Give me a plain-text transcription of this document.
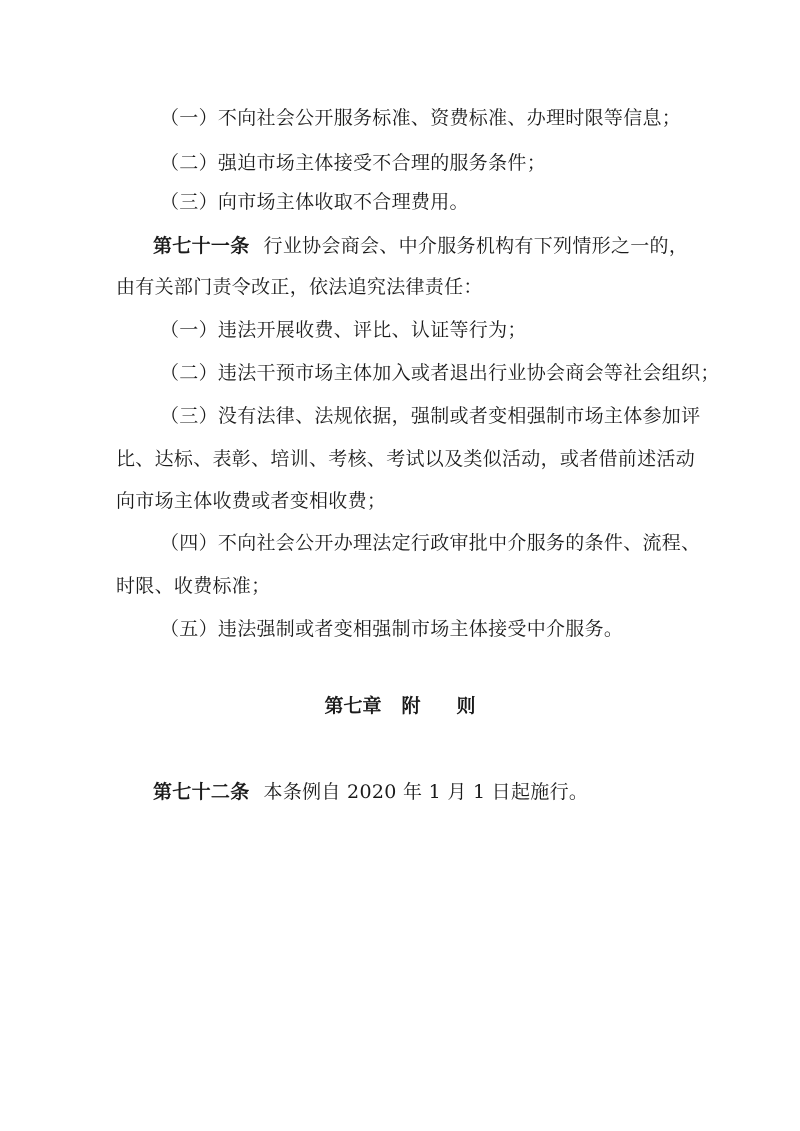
（一）不向社会公开服务标准、资费标准、办理时限等信息；
（二）强迫市场主体接受不合理的服务条件；
（三）向市场主体收取不合理费用。
第七十一条 行业协会商会、中介服务机构有下列情形之一的，
由有关部门责令改正，依法追究法律责任：
（一）违法开展收费、评比、认证等行为；
（二）违法干预市场主体加入或者退出行业协会商会等社会组织；
（三）没有法律、法规依据，强制或者变相强制市场主体参加评
比、达标、表彰、培训、考核、考试以及类似活动，或者借前述活动
向市场主体收费或者变相收费；
（四）不向社会公开办理法定行政审批中介服务的条件、流程、
时限、收费标准；
（五）违法强制或者变相强制市场主体接受中介服务。
第七章 附 则
第七十二条 本条例自 2020 年 1 月 1 日起施行。
